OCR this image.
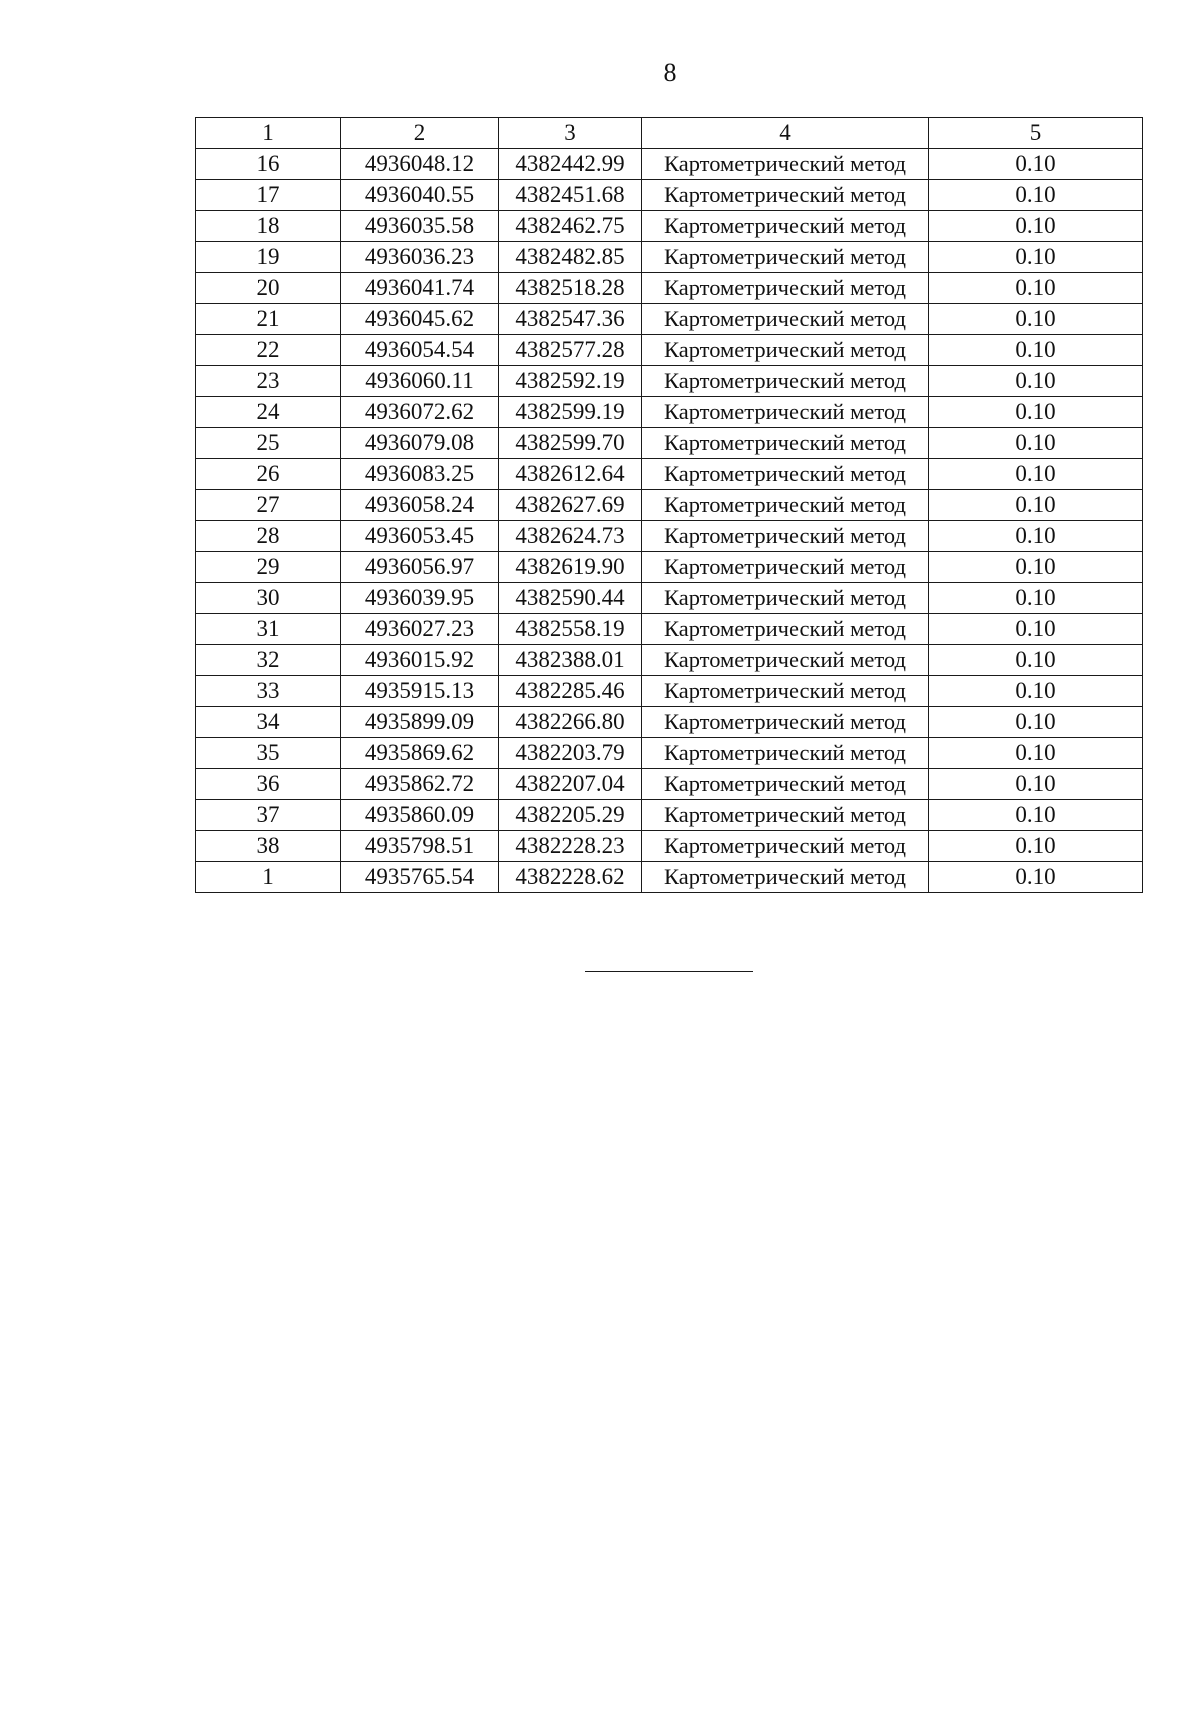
8
1	2	3	4	5
16	4936048.12	4382442.99	Картометрический метод	0.10
17	4936040.55	4382451.68	Картометрический метод	0.10
18	4936035.58	4382462.75	Картометрический метод	0.10
19	4936036.23	4382482.85	Картометрический метод	0.10
20	4936041.74	4382518.28	Картометрический метод	0.10
21	4936045.62	4382547.36	Картометрический метод	0.10
22	4936054.54	4382577.28	Картометрический метод	0.10
23	4936060.11	4382592.19	Картометрический метод	0.10
24	4936072.62	4382599.19	Картометрический метод	0.10
25	4936079.08	4382599.70	Картометрический метод	0.10
26	4936083.25	4382612.64	Картометрический метод	0.10
27	4936058.24	4382627.69	Картометрический метод	0.10
28	4936053.45	4382624.73	Картометрический метод	0.10
29	4936056.97	4382619.90	Картометрический метод	0.10
30	4936039.95	4382590.44	Картометрический метод	0.10
31	4936027.23	4382558.19	Картометрический метод	0.10
32	4936015.92	4382388.01	Картометрический метод	0.10
33	4935915.13	4382285.46	Картометрический метод	0.10
34	4935899.09	4382266.80	Картометрический метод	0.10
35	4935869.62	4382203.79	Картометрический метод	0.10
36	4935862.72	4382207.04	Картометрический метод	0.10
37	4935860.09	4382205.29	Картометрический метод	0.10
38	4935798.51	4382228.23	Картометрический метод	0.10
1	4935765.54	4382228.62	Картометрический метод	0.10
